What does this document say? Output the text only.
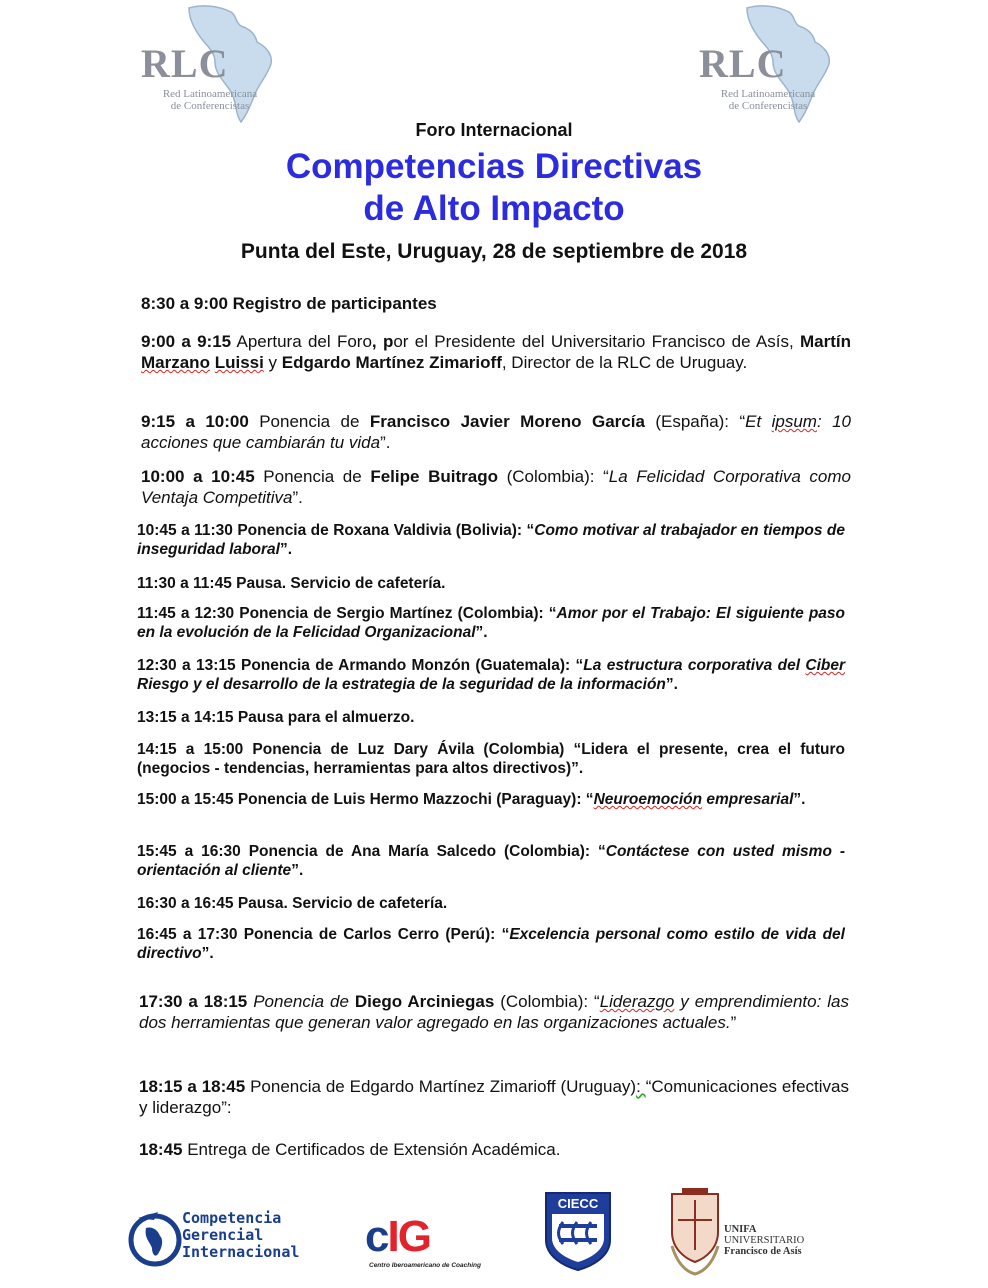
RLC
Red Latinoamericana
de Conferencistas
RLC
Red Latinoamericana
de Conferencistas
Foro Internacional
Competencias Directivas
de Alto Impacto
Punta del Este, Uruguay, 28 de septiembre de 2018
8:30 a 9:00 Registro de participantes
9:00 a 9:15 Apertura del Foro, por el Presidente del Universitario Francisco de Asís, Martín Marzano Luissi y Edgardo Martínez Zimarioff, Director de la RLC de Uruguay.
9:15 a 10:00 Ponencia de Francisco Javier Moreno García (España): “Et ipsum: 10 acciones que cambiarán tu vida”.
10:00 a 10:45 Ponencia de Felipe Buitrago (Colombia): “La Felicidad Corporativa como Ventaja Competitiva”.
10:45 a 11:30 Ponencia de Roxana Valdivia (Bolivia): “Como motivar al trabajador en tiempos de inseguridad laboral”.
11:30 a 11:45 Pausa. Servicio de cafetería.
11:45 a 12:30 Ponencia de Sergio Martínez (Colombia): “Amor por el Trabajo: El siguiente paso en la evolución de la Felicidad Organizacional”.
12:30 a 13:15 Ponencia de Armando Monzón (Guatemala): “La estructura corporativa del Ciber Riesgo y el desarrollo de la estrategia de la seguridad de la información”.
13:15 a 14:15 Pausa para el almuerzo.
14:15 a 15:00 Ponencia de Luz Dary Ávila (Colombia) “Lidera el presente, crea el futuro (negocios - tendencias, herramientas para altos directivos)”.
15:00 a 15:45 Ponencia de Luis Hermo Mazzochi (Paraguay): “Neuroemoción empresarial”.
15:45 a 16:30 Ponencia de Ana María Salcedo (Colombia): “Contáctese con usted mismo - orientación al cliente”.
16:30 a 16:45 Pausa. Servicio de cafetería.
16:45 a 17:30 Ponencia de Carlos Cerro (Perú): “Excelencia personal como estilo de vida del directivo”.
17:30 a 18:15 Ponencia de Diego Arciniegas (Colombia): “Liderazgo y emprendimiento: las dos herramientas que generan valor agregado en las organizaciones actuales.”
18:15 a 18:45 Ponencia de Edgardo Martínez Zimarioff (Uruguay): “Comunicaciones efectivas y liderazgo”:
18:45 Entrega de Certificados de Extensión Académica.
Competencia
Gerencial
Internacional cIG
Centro Iberoamericano de Coaching
CIECC
UNIFA
UNIVERSITARIO
Francisco de Asís
